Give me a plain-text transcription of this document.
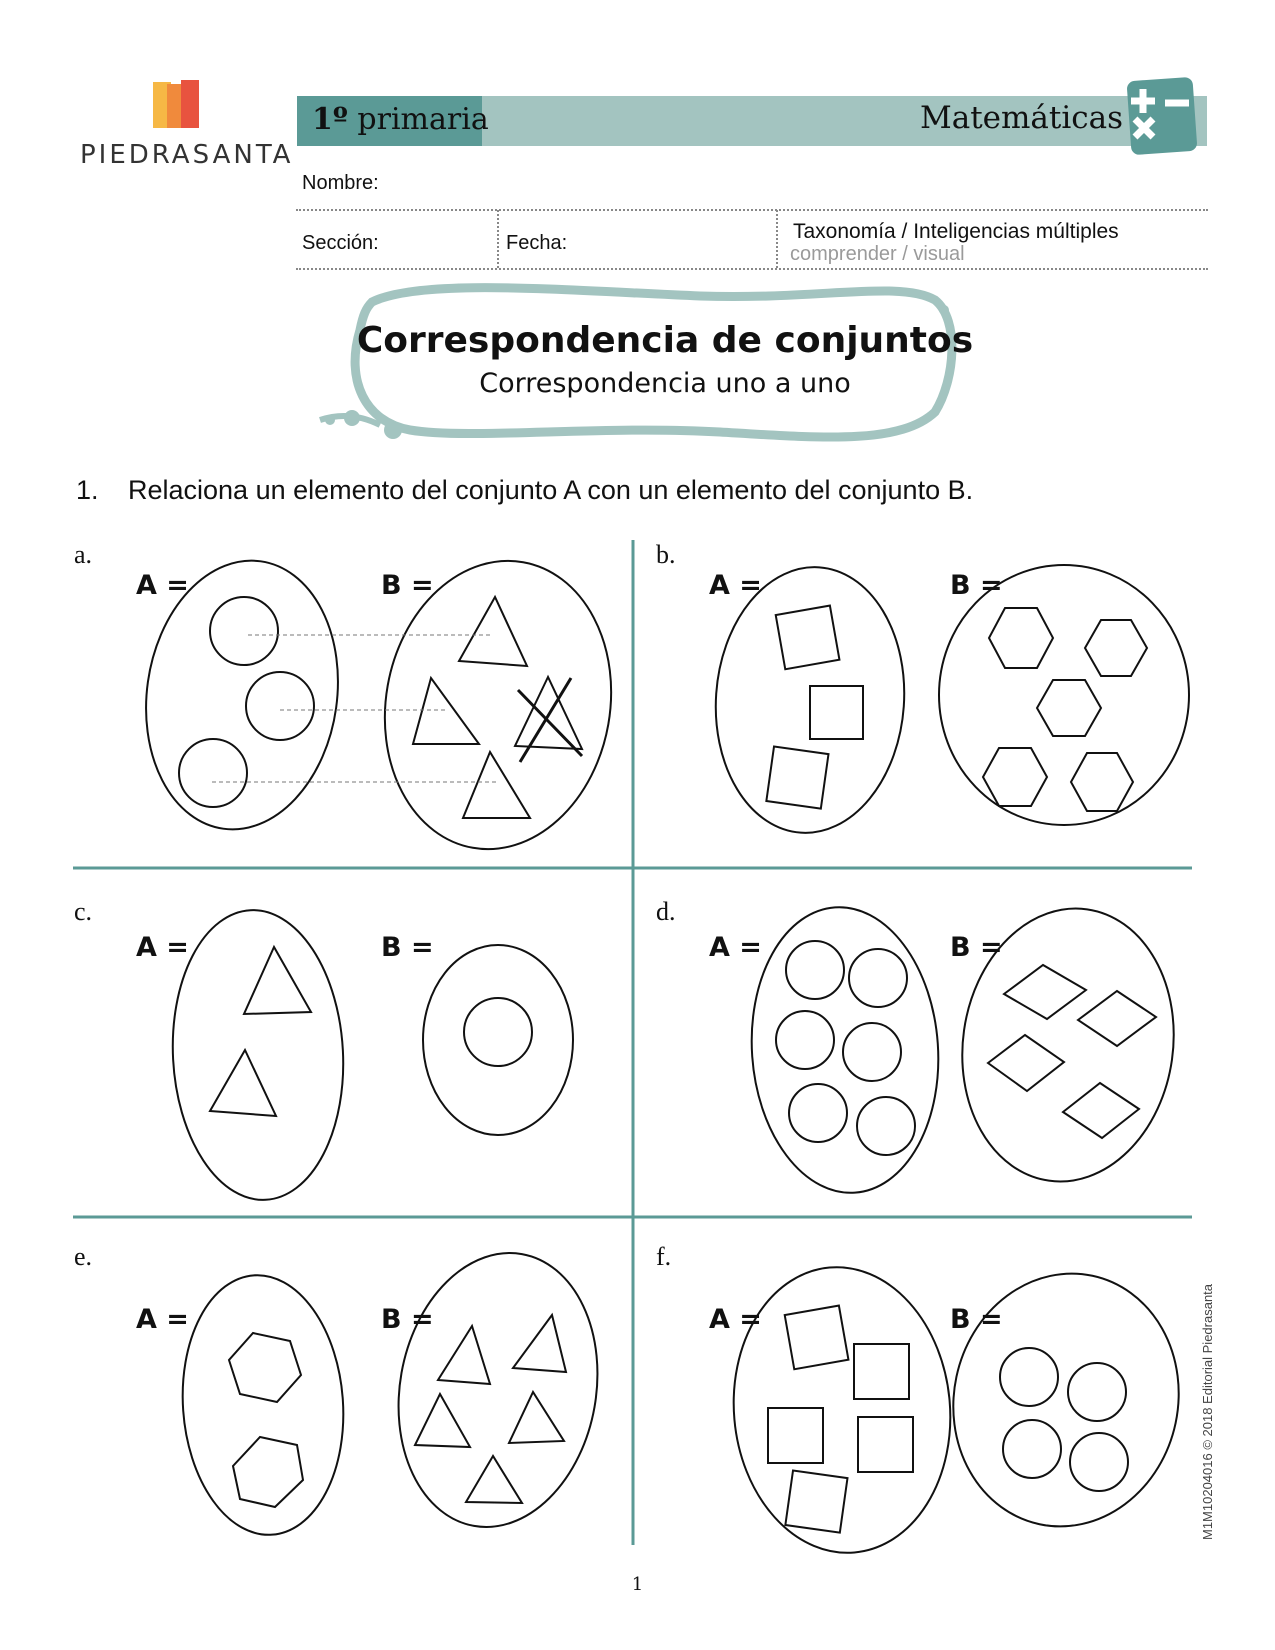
PIEDRASANTA
1º primaria	Matemáticas
Nombre:
Sección:	Fecha:	Taxonomía / Inteligencias múltiples
comprender / visual
Correspondencia de conjuntos
Correspondencia uno a uno
1. Relaciona un elemento del conjunto A con un elemento del conjunto B.
a.	b.
c.	d.
e.	f.
A =	B =	A =	B =
A =	B =	A =	B =
A =	B =	A =	B =
1
M1M10204016 © 2018 Editorial Piedrasanta
